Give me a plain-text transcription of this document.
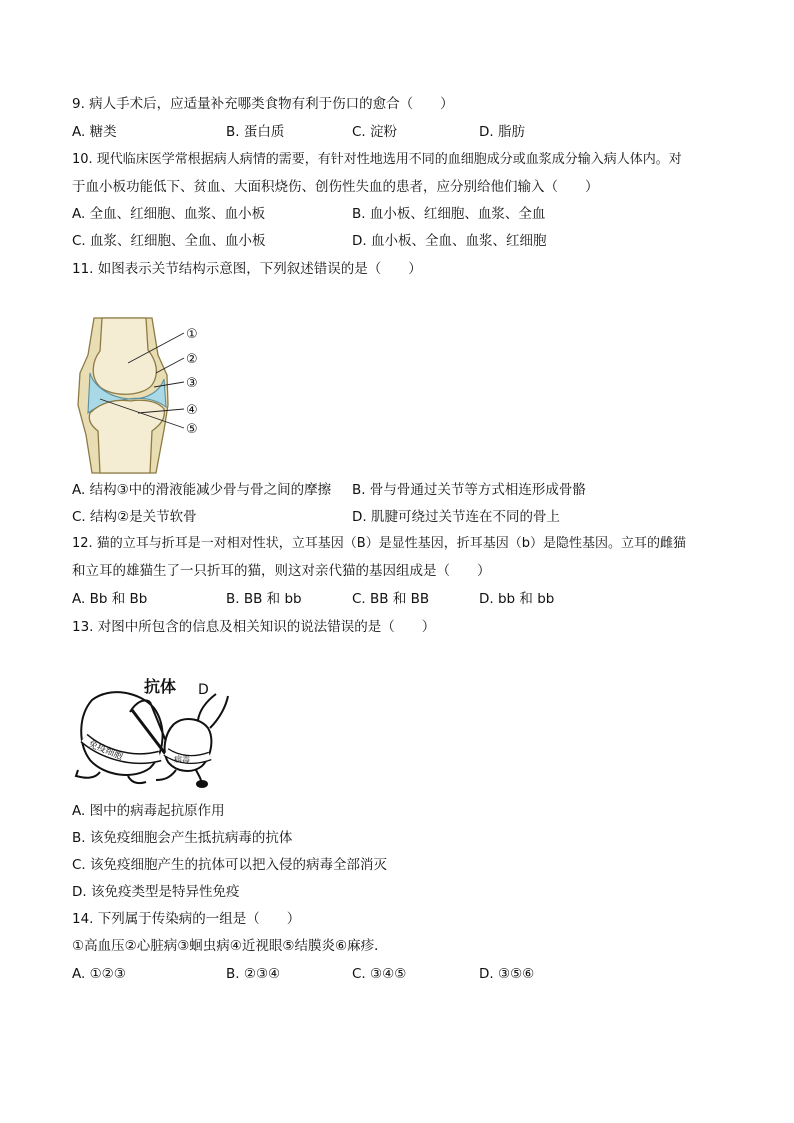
9. 病人手术后，应适量补充哪类食物有利于伤口的愈合（　　）
A. 糖类	B. 蛋白质	C. 淀粉	D. 脂肪
10. 现代临床医学常根据病人病情的需要，有针对性地选用不同的血细胞成分或血浆成分输入病人体内。对
于血小板功能低下、贫血、大面积烧伤、创伤性失血的患者，应分别给他们输入（　　）
A. 全血、红细胞、血浆、血小板	B. 血小板、红细胞、血浆、全血
C. 血浆、红细胞、全血、血小板	D. 血小板、全血、血浆、红细胞
11. 如图表示关节结构示意图，下列叙述错误的是（　　）
①
②
③
④
⑤
A. 结构③中的滑液能减少骨与骨之间的摩擦 B. 骨与骨通过关节等方式相连形成骨骼
C. 结构②是关节软骨	D. 肌腱可绕过关节连在不同的骨上
12. 猫的立耳与折耳是一对相对性状，立耳基因（B）是显性基因，折耳基因（b）是隐性基因。立耳的雌猫
和立耳的雄猫生了一只折耳的猫，则这对亲代猫的基因组成是（　　）
A. Bb 和 Bb	B. BB 和 bb	C. BB 和 BB	D. bb 和 bb
13. 对图中所包含的信息及相关知识的说法错误的是（　　）
免疫细胞
抗体
病毒
D
A. 图中的病毒起抗原作用
B. 该免疫细胞会产生抵抗病毒的抗体
C. 该免疫细胞产生的抗体可以把入侵的病毒全部消灭
D. 该免疫类型是特异性免疫
14. 下列属于传染病的一组是（　　）
①高血压②心脏病③蛔虫病④近视眼⑤结膜炎⑥麻疹．
A. ①②③	B. ②③④	C. ③④⑤	D. ③⑤⑥
